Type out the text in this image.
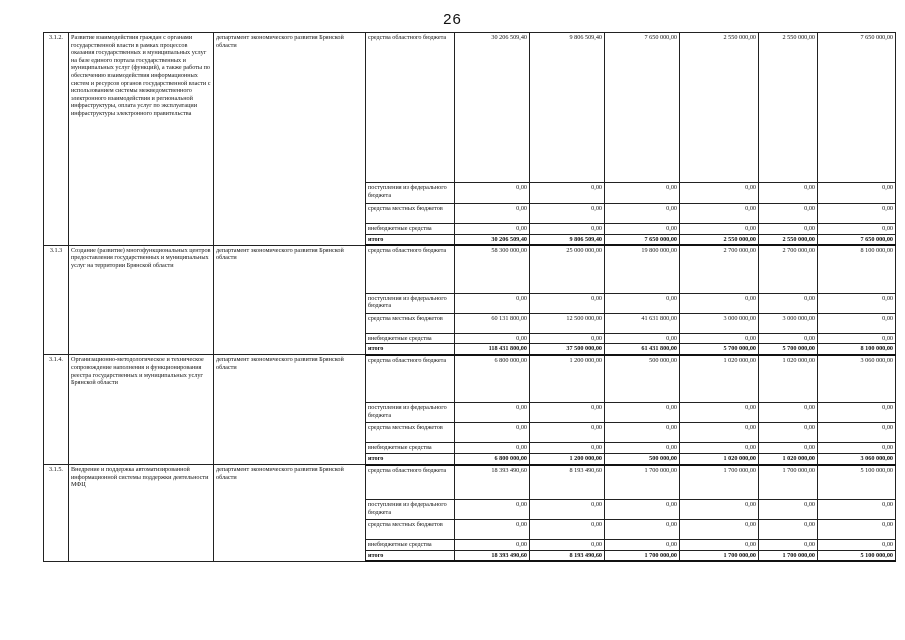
26
3.1.2.	Развитие взаимодействия граждан с органами государственной власти в рамках процессов оказания государственных и муниципальных услуг на базе единого портала государственных и муниципальных услуг (функций), а также работы по обеспечению взаимодействия информационных систем и ресурсов органов государственной власти с использованием системы межведомственного электронного взаимодействия и региональной инфраструктуры, оплата услуг по эксплуатации инфраструктуры электронного правительства	департамент экономического развития Брянской области	средства областного бюджета	30 206 509,40	9 806 509,40	7 650 000,00	2 550 000,00	2 550 000,00	7 650 000,00
			поступления из федерального бюджета	0,00	0,00	0,00	0,00	0,00	0,00
			средства местных бюджетов	0,00	0,00	0,00	0,00	0,00	0,00
			внебюджетные средства	0,00	0,00	0,00	0,00	0,00	0,00
			итого	30 206 509,40	9 806 509,40	7 650 000,00	2 550 000,00	2 550 000,00	7 650 000,00
3.1.3	Создание (развитие) многофункциональных центров предоставления государственных и муниципальных услуг на территории Брянской области	департамент экономического развития Брянской области	средства областного бюджета	58 300 000,00	25 000 000,00	19 800 000,00	2 700 000,00	2 700 000,00	8 100 000,00
			поступления из федерального бюджета	0,00	0,00	0,00	0,00	0,00	0,00
			средства местных бюджетов	60 131 800,00	12 500 000,00	41 631 800,00	3 000 000,00	3 000 000,00	0,00
			внебюджетные средства	0,00	0,00	0,00	0,00	0,00	0,00
			итого	118 431 800,00	37 500 000,00	61 431 800,00	5 700 000,00	5 700 000,00	8 100 000,00
3.1.4.	Организационно-методологическое и техническое сопровождение наполнения и функционирования реестра государственных и муниципальных услуг Брянской области	департамент экономического развития Брянской области	средства областного бюджета	6 800 000,00	1 200 000,00	500 000,00	1 020 000,00	1 020 000,00	3 060 000,00
			поступления из федерального бюджета	0,00	0,00	0,00	0,00	0,00	0,00
			средства местных бюджетов	0,00	0,00	0,00	0,00	0,00	0,00
			внебюджетные средства	0,00	0,00	0,00	0,00	0,00	0,00
			итого	6 800 000,00	1 200 000,00	500 000,00	1 020 000,00	1 020 000,00	3 060 000,00
3.1.5.	Внедрение и поддержка автоматизированной информационной системы поддержки деятельности МФЦ	департамент экономического развития Брянской области	средства областного бюджета	18 393 490,60	8 193 490,60	1 700 000,00	1 700 000,00	1 700 000,00	5 100 000,00
			поступления из федерального бюджета	0,00	0,00	0,00	0,00	0,00	0,00
			средства местных бюджетов	0,00	0,00	0,00	0,00	0,00	0,00
			внебюджетные средства	0,00	0,00	0,00	0,00	0,00	0,00
			итого	18 393 490,60	8 193 490,60	1 700 000,00	1 700 000,00	1 700 000,00	5 100 000,00
